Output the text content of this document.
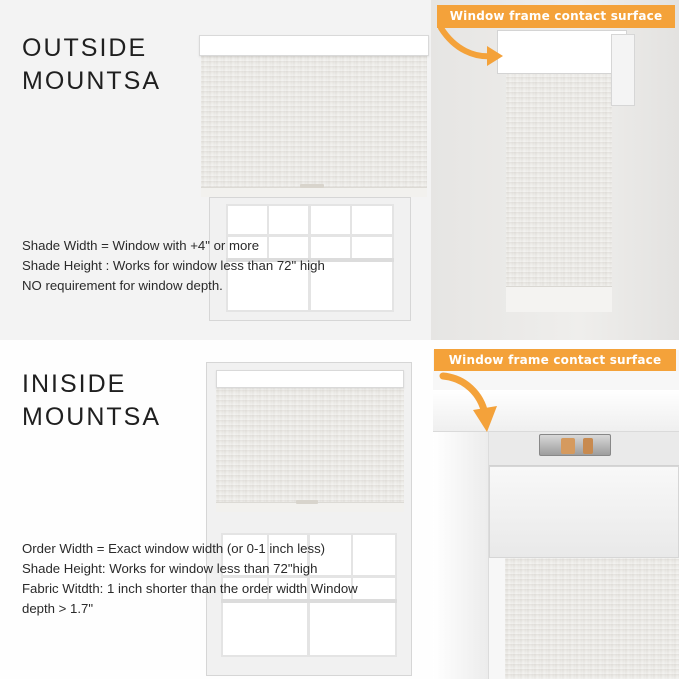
OUTSIDE
MOUNTSA
Shade Width = Window with +4" or more
Shade Height : Works for window less than 72" high
NO requirement for window depth.
Window frame contact surface
INISIDE
MOUNTSA
Order Width = Exact window width (or 0-1 inch less)
Shade Height: Works for window less than 72"high
Fabric Witdth: 1 inch shorter than the order width Window
depth > 1.7"
Window frame contact surface
